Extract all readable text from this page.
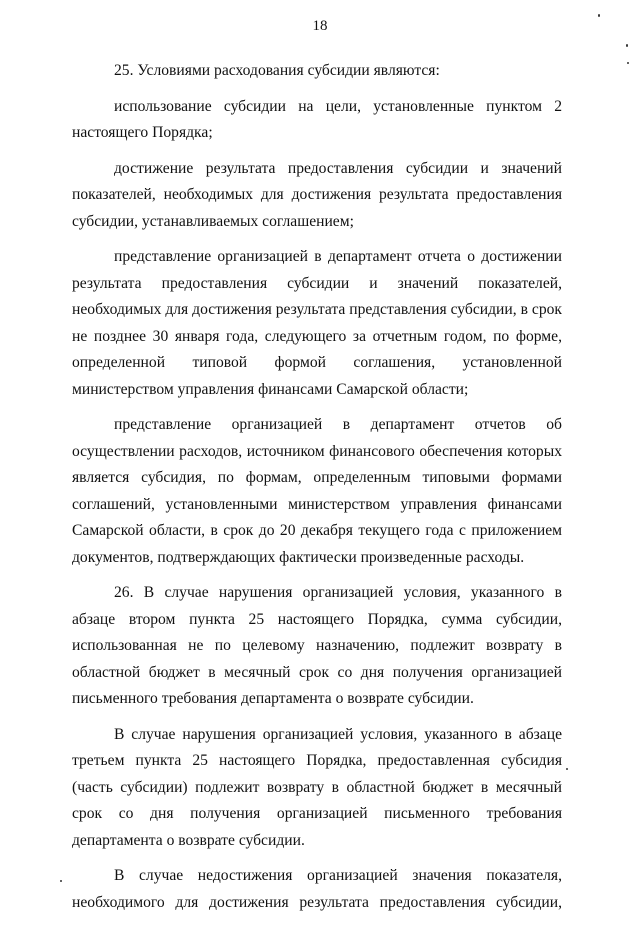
18

25. Условиями расходования субсидии являются:

использование субсидии на цели, установленные пунктом 2 настоящего Порядка;

достижение результата предоставления субсидии и значений показателей, необходимых для достижения результата предоставления субсидии, устанавливаемых соглашением;

представление организацией в департамент отчета о достижении результата предоставления субсидии и значений показателей, необходимых для достижения результата представления субсидии, в срок не позднее 30 января года, следующего за отчетным годом, по форме, определенной типовой формой соглашения, установленной министерством управления финансами Самарской области;

представление организацией в департамент отчетов об осуществлении расходов, источником финансового обеспечения которых является субсидия, по формам, определенным типовыми формами соглашений, установленными министерством управления финансами Самарской области, в срок до 20 декабря текущего года с приложением документов, подтверждающих фактически произведенные расходы.

26. В случае нарушения организацией условия, указанного в абзаце втором пункта 25 настоящего Порядка, сумма субсидии, использованная не по целевому назначению, подлежит возврату в областной бюджет в месячный срок со дня получения организацией письменного требования департамента о возврате субсидии.

В случае нарушения организацией условия, указанного в абзаце третьем пункта 25 настоящего Порядка, предоставленная субсидия (часть субсидии) подлежит возврату в областной бюджет в месячный срок со дня получения организацией письменного требования департамента о возврате субсидии.

В случае недостижения организацией значения показателя, необходимого для достижения результата предоставления субсидии,
